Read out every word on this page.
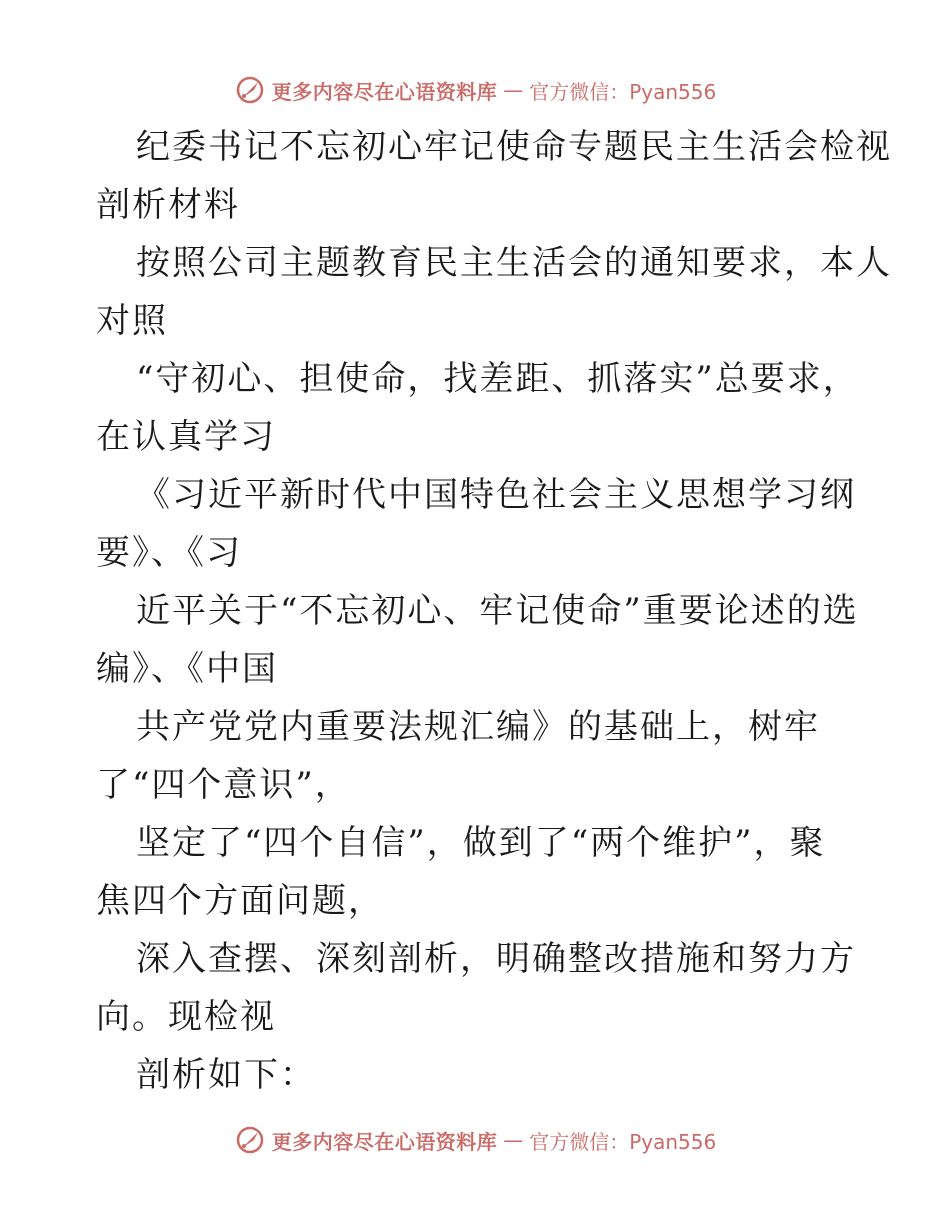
更多内容尽在心语资料库 — 官方微信：Pyan556
纪委书记不忘初心牢记使命专题民主生活会检视
剖析材料
按照公司主题教育民主生活会的通知要求，本人
对照
“守初心、担使命，找差距、抓落实”总要求，
在认真学习
《习近平新时代中国特色社会主义思想学习纲
要》、《习
近平关于“不忘初心、牢记使命”重要论述的选
编》、《中国
共产党党内重要法规汇编》的基础上，树牢
了“四个意识”，
坚定了“四个自信”，做到了“两个维护”，聚
焦四个方面问题，
深入查摆、深刻剖析，明确整改措施和努力方
向。现检视
剖析如下：
更多内容尽在心语资料库 — 官方微信：Pyan556
